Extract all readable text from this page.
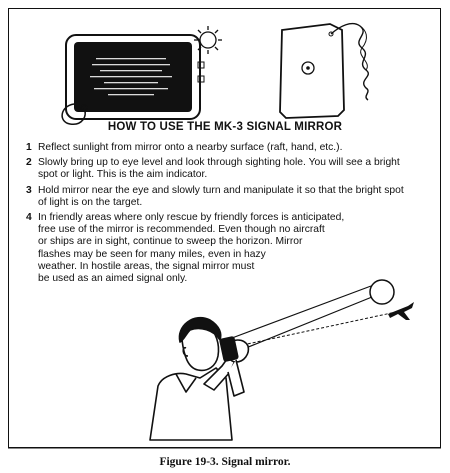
HOW TO USE THE MK-3 SIGNAL MIRROR
1 Reflect sunlight from mirror onto a nearby surface (raft, hand, etc.).
2 Slowly bring up to eye level and look through sighting hole. You will see a bright spot or light. This is the aim indicator.
3 Hold mirror near the eye and slowly turn and manipulate it so that the bright spot of light is on the target.
4 In friendly areas where only rescue by friendly forces is anticipated,
free use of the mirror is recommended. Even though no aircraft
or ships are in sight, continue to sweep the horizon. Mirror
flashes may be seen for many miles, even in hazy
weather. In hostile areas, the signal mirror must
be used as an aimed signal only.

Figure 19-3. Signal mirror.
